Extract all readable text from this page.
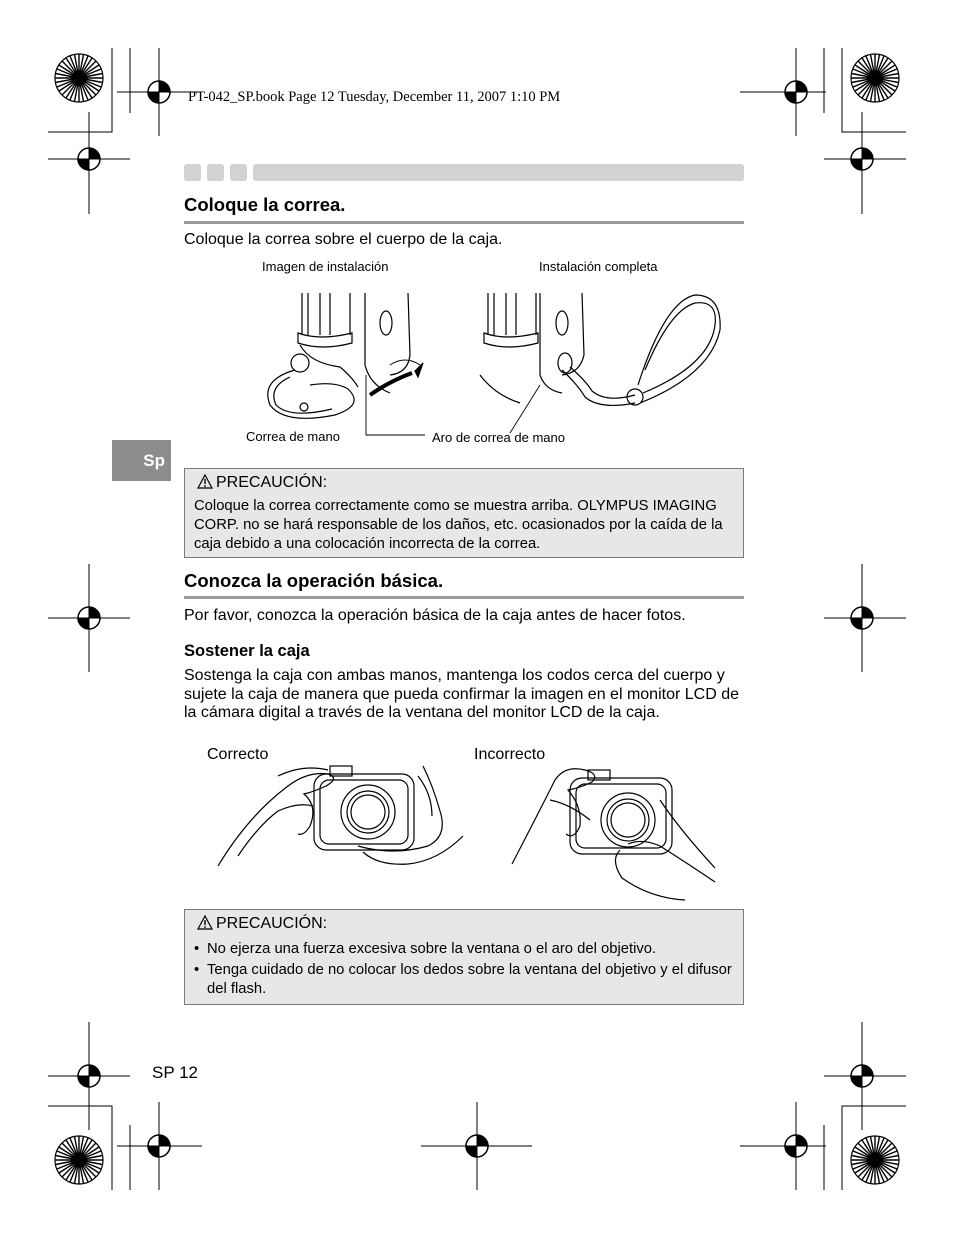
PT-042_SP.book Page 12 Tuesday, December 11, 2007 1:10 PM
Coloque la correa.
Coloque la correa sobre el cuerpo de la caja.
Imagen de instalación	Instalación completa
Correa de mano	Aro de correa de mano
Sp
PRECAUCIÓN:
Coloque la correa correctamente como se muestra arriba. OLYMPUS IMAGING CORP. no se hará responsable de los daños, etc. ocasionados por la caída de la caja debido a una colocación incorrecta de la correa.
Conozca la operación básica.
Por favor, conozca la operación básica de la caja antes de hacer fotos.
Sostener la caja
Sostenga la caja con ambas manos, mantenga los codos cerca del cuerpo y sujete la caja de manera que pueda confirmar la imagen en el monitor LCD de la cámara digital a través de la ventana del monitor LCD de la caja.
Correcto	Incorrecto
PRECAUCIÓN:
• No ejerza una fuerza excesiva sobre la ventana o el aro del objetivo.
• Tenga cuidado de no colocar los dedos sobre la ventana del objetivo y el difusor del flash.
SP 12
